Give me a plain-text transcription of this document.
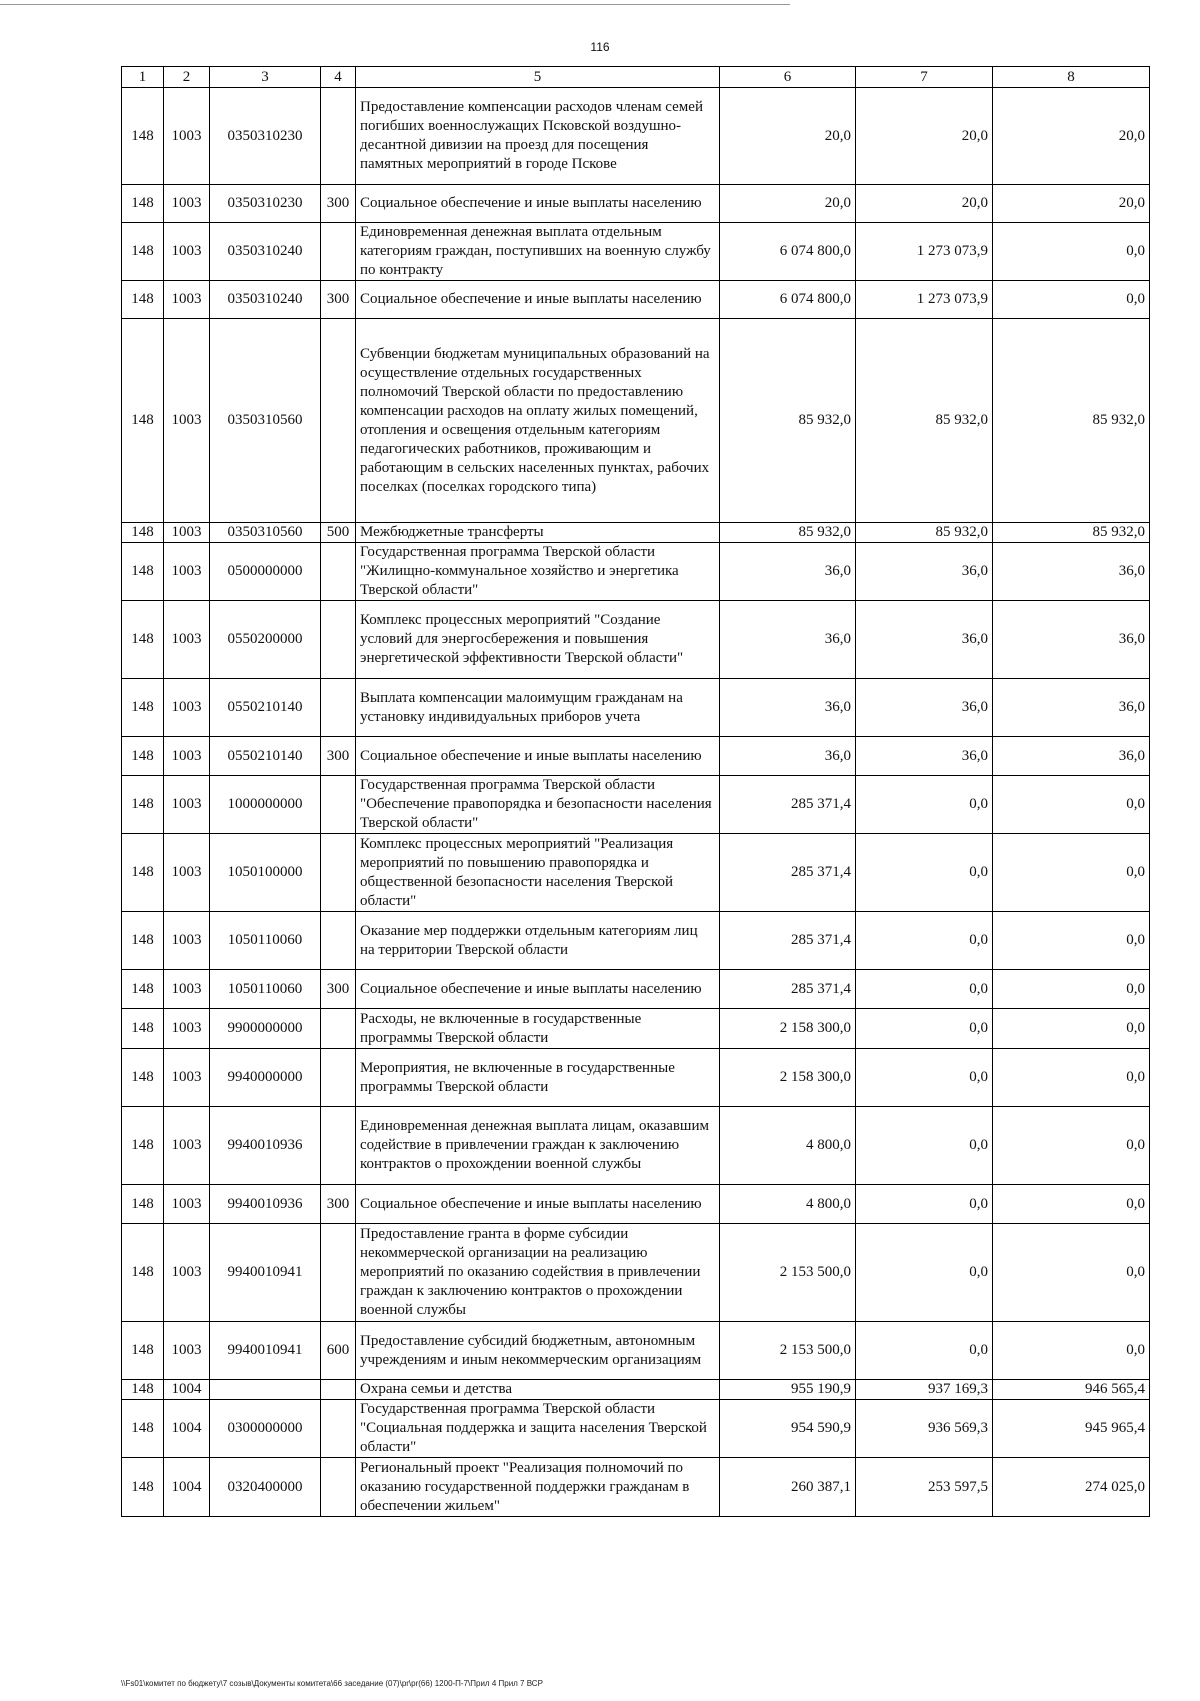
116
1	2	3	4	5	6	7	8
148	1003	0350310230		Предоставление компенсации расходов членам семей погибших военнослужащих Псковской воздушно-десантной дивизии на проезд для посещения памятных мероприятий в городе Пскове	20,0	20,0	20,0
148	1003	0350310230	300	Социальное обеспечение и иные выплаты населению	20,0	20,0	20,0
148	1003	0350310240		Единовременная денежная выплата отдельным категориям граждан, поступивших на военную службу по контракту	6 074 800,0	1 273 073,9	0,0
148	1003	0350310240	300	Социальное обеспечение и иные выплаты населению	6 074 800,0	1 273 073,9	0,0
148	1003	0350310560		Субвенции бюджетам муниципальных образований на осуществление отдельных государственных полномочий Тверской области по предоставлению компенсации расходов на оплату жилых помещений, отопления и освещения отдельным категориям педагогических работников, проживающим и работающим в сельских населенных пунктах, рабочих поселках (поселках городского типа)	85 932,0	85 932,0	85 932,0
148	1003	0350310560	500	Межбюджетные трансферты	85 932,0	85 932,0	85 932,0
148	1003	0500000000		Государственная программа Тверской области "Жилищно-коммунальное хозяйство и энергетика Тверской области"	36,0	36,0	36,0
148	1003	0550200000		Комплекс процессных мероприятий "Создание условий для энергосбережения и повышения энергетической эффективности Тверской области"	36,0	36,0	36,0
148	1003	0550210140		Выплата компенсации малоимущим гражданам на установку индивидуальных приборов учета	36,0	36,0	36,0
148	1003	0550210140	300	Социальное обеспечение и иные выплаты населению	36,0	36,0	36,0
148	1003	1000000000		Государственная программа Тверской области "Обеспечение правопорядка и безопасности населения Тверской области"	285 371,4	0,0	0,0
148	1003	1050100000		Комплекс процессных мероприятий "Реализация мероприятий по повышению правопорядка и общественной безопасности населения Тверской области"	285 371,4	0,0	0,0
148	1003	1050110060		Оказание мер поддержки отдельным категориям лиц на территории Тверской области	285 371,4	0,0	0,0
148	1003	1050110060	300	Социальное обеспечение и иные выплаты населению	285 371,4	0,0	0,0
148	1003	9900000000		Расходы, не включенные в государственные программы Тверской области	2 158 300,0	0,0	0,0
148	1003	9940000000		Мероприятия, не включенные в государственные программы Тверской области	2 158 300,0	0,0	0,0
148	1003	9940010936		Единовременная денежная выплата лицам, оказавшим содействие в привлечении граждан к заключению контрактов о прохождении военной службы	4 800,0	0,0	0,0
148	1003	9940010936	300	Социальное обеспечение и иные выплаты населению	4 800,0	0,0	0,0
148	1003	9940010941		Предоставление гранта в форме субсидии некоммерческой организации на реализацию мероприятий по оказанию содействия в привлечении граждан к заключению контрактов о прохождении военной службы	2 153 500,0	0,0	0,0
148	1003	9940010941	600	Предоставление субсидий бюджетным, автономным учреждениям и иным некоммерческим организациям	2 153 500,0	0,0	0,0
148	1004			Охрана семьи и детства	955 190,9	937 169,3	946 565,4
148	1004	0300000000		Государственная программа Тверской области "Социальная поддержка и защита населения Тверской области"	954 590,9	936 569,3	945 965,4
148	1004	0320400000		Региональный проект "Реализация полномочий по оказанию государственной поддержки гражданам в обеспечении жильем"	260 387,1	253 597,5	274 025,0
\\Fs01\комитет по бюджету\7 созыв\Документы комитета\66 заседание (07)\pr\pr(66) 1200-П-7\Прил 4 Прил 7 ВСР
